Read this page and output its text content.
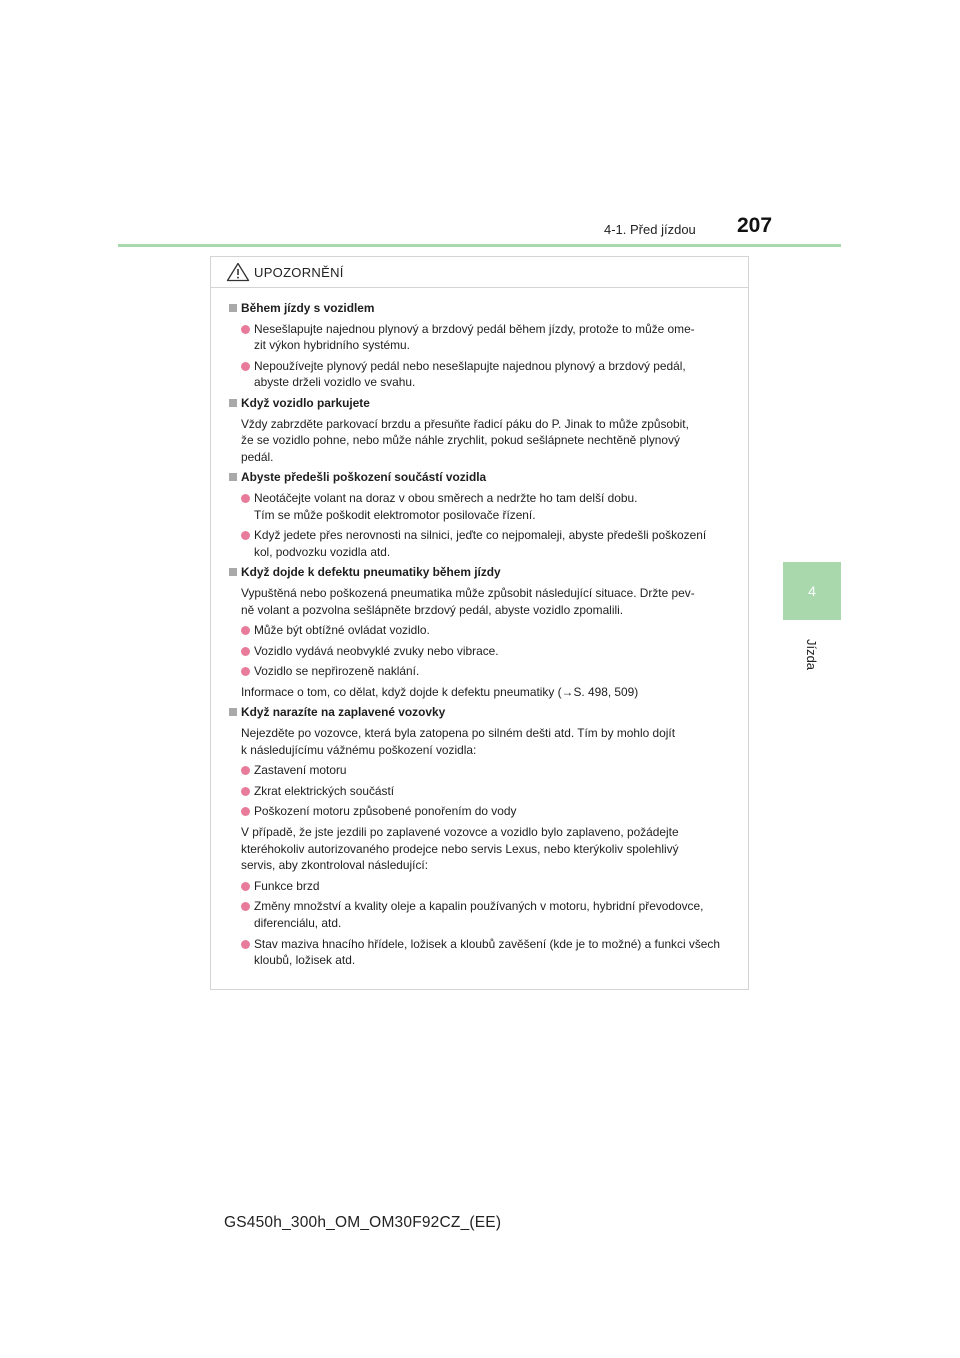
4-1. Před jízdou 207
4
Jízda
UPOZORNĚNÍ
Během jízdy s vozidlem
Nesešlapujte najednou plynový a brzdový pedál během jízdy, protože to může ome-
zit výkon hybridního systému.
Nepoužívejte plynový pedál nebo nesešlapujte najednou plynový a brzdový pedál,
abyste drželi vozidlo ve svahu.
Když vozidlo parkujete
Vždy zabrzděte parkovací brzdu a přesuňte řadicí páku do P. Jinak to může způsobit,
že se vozidlo pohne, nebo může náhle zrychlit, pokud sešlápnete nechtěně plynový
pedál.
Abyste předešli poškození součástí vozidla
Neotáčejte volant na doraz v obou směrech a nedržte ho tam delší dobu.
Tím se může poškodit elektromotor posilovače řízení.
Když jedete přes nerovnosti na silnici, jeďte co nejpomaleji, abyste předešli poškození
kol, podvozku vozidla atd.
Když dojde k defektu pneumatiky během jízdy
Vypuštěná nebo poškozená pneumatika může způsobit následující situace. Držte pev-
ně volant a pozvolna sešlápněte brzdový pedál, abyste vozidlo zpomalili.
Může být obtížné ovládat vozidlo.
Vozidlo vydává neobvyklé zvuky nebo vibrace.
Vozidlo se nepřirozeně naklání.
Informace o tom, co dělat, když dojde k defektu pneumatiky (→S. 498, 509)
Když narazíte na zaplavené vozovky
Nejezděte po vozovce, která byla zatopena po silném dešti atd. Tím by mohlo dojít
k následujícímu vážnému poškození vozidla:
Zastavení motoru
Zkrat elektrických součástí
Poškození motoru způsobené ponořením do vody
V případě, že jste jezdili po zaplavené vozovce a vozidlo bylo zaplaveno, požádejte
kteréhokoliv autorizovaného prodejce nebo servis Lexus, nebo kterýkoliv spolehlivý
servis, aby zkontroloval následující:
Funkce brzd
Změny množství a kvality oleje a kapalin používaných v motoru, hybridní převodovce,
diferenciálu, atd.
Stav maziva hnacího hřídele, ložisek a kloubů zavěšení (kde je to možné) a funkci všech
kloubů, ložisek atd.
GS450h_300h_OM_OM30F92CZ_(EE)
